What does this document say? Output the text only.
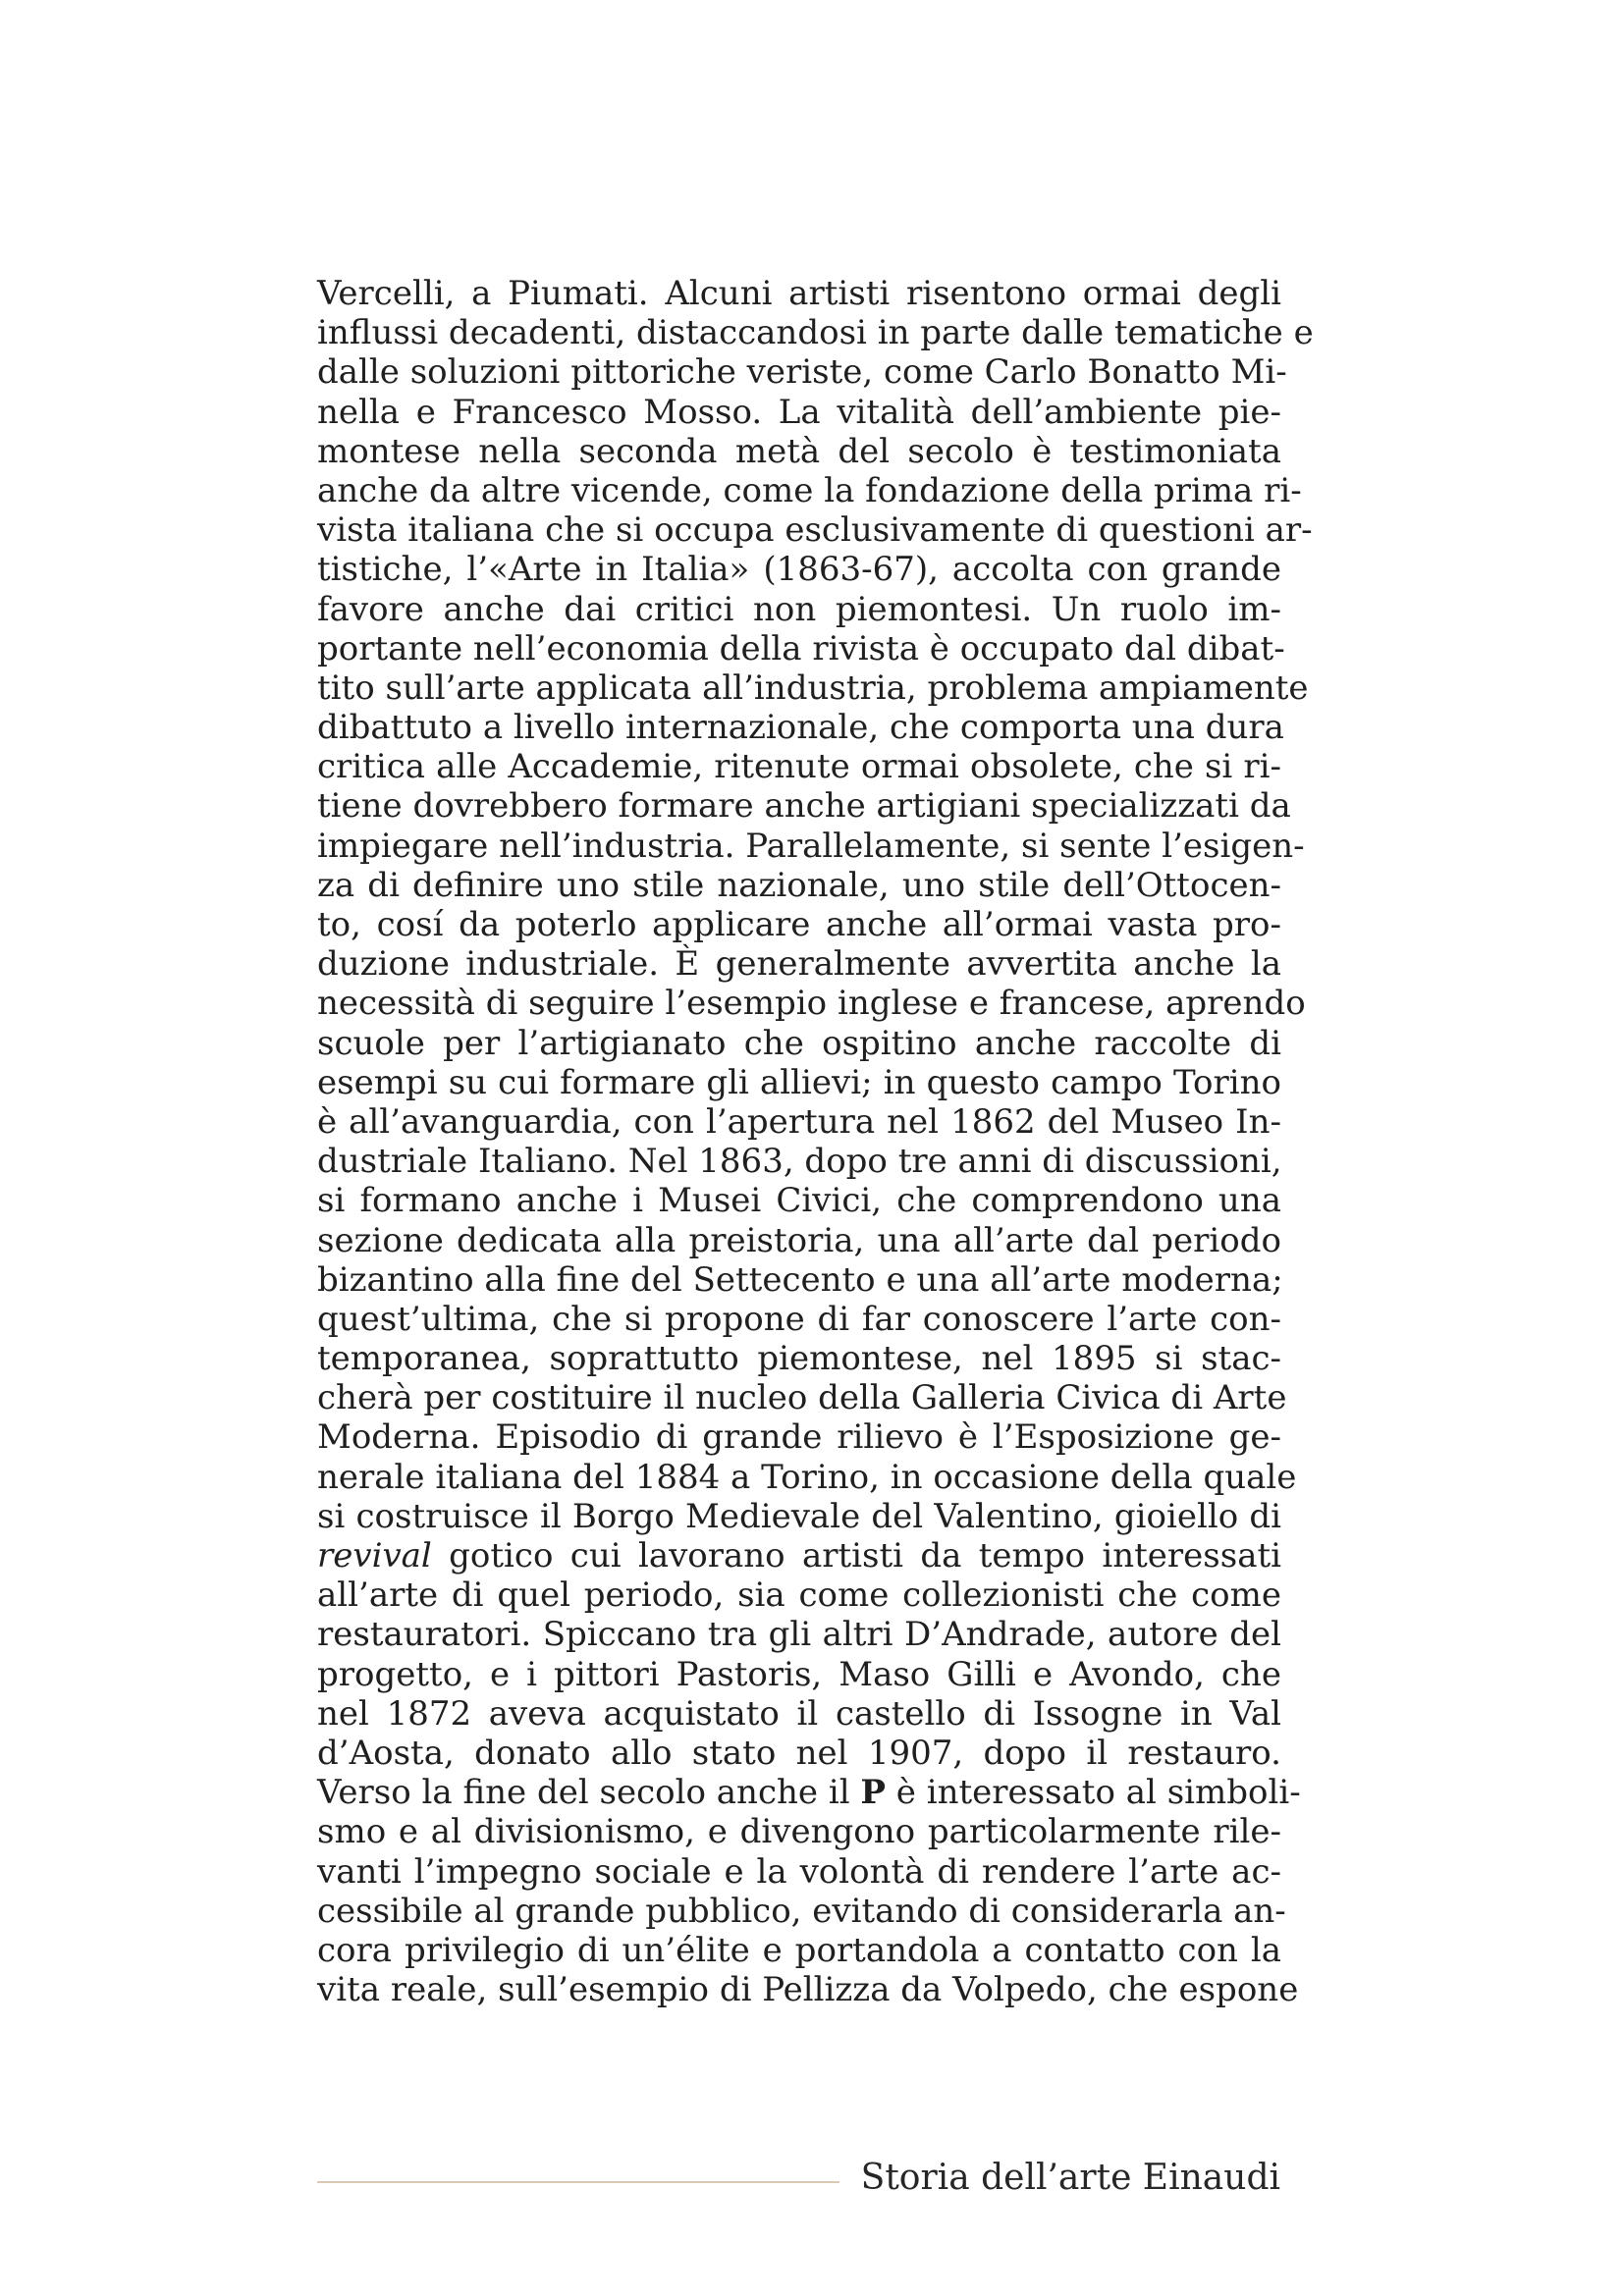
Vercelli, a Piumati. Alcuni artisti risentono ormai degli
influssi decadenti, distaccandosi in parte dalle tematiche e
dalle soluzioni pittoriche veriste, come Carlo Bonatto Mi-
nella e Francesco Mosso. La vitalità dell’ambiente pie-
montese nella seconda metà del secolo è testimoniata
anche da altre vicende, come la fondazione della prima ri-
vista italiana che si occupa esclusivamente di questioni ar-
tistiche, l’«Arte in Italia» (1863-67), accolta con grande
favore anche dai critici non piemontesi. Un ruolo im-
portante nell’economia della rivista è occupato dal dibat-
tito sull’arte applicata all’industria, problema ampiamente
dibattuto a livello internazionale, che comporta una dura
critica alle Accademie, ritenute ormai obsolete, che si ri-
tiene dovrebbero formare anche artigiani specializzati da
impiegare nell’industria. Parallelamente, si sente l’esigen-
za di definire uno stile nazionale, uno stile dell’Ottocen-
to, cosí da poterlo applicare anche all’ormai vasta pro-
duzione industriale. È generalmente avvertita anche la
necessità di seguire l’esempio inglese e francese, aprendo
scuole per l’artigianato che ospitino anche raccolte di
esempi su cui formare gli allievi; in questo campo Torino
è all’avanguardia, con l’apertura nel 1862 del Museo In-
dustriale Italiano. Nel 1863, dopo tre anni di discussioni,
si formano anche i Musei Civici, che comprendono una
sezione dedicata alla preistoria, una all’arte dal periodo
bizantino alla fine del Settecento e una all’arte moderna;
quest’ultima, che si propone di far conoscere l’arte con-
temporanea, soprattutto piemontese, nel 1895 si stac-
cherà per costituire il nucleo della Galleria Civica di Arte
Moderna. Episodio di grande rilievo è l’Esposizione ge-
nerale italiana del 1884 a Torino, in occasione della quale
si costruisce il Borgo Medievale del Valentino, gioiello di
revival gotico cui lavorano artisti da tempo interessati
all’arte di quel periodo, sia come collezionisti che come
restauratori. Spiccano tra gli altri D’Andrade, autore del
progetto, e i pittori Pastoris, Maso Gilli e Avondo, che
nel 1872 aveva acquistato il castello di Issogne in Val
d’Aosta, donato allo stato nel 1907, dopo il restauro.
Verso la fine del secolo anche il P è interessato al simboli-
smo e al divisionismo, e divengono particolarmente rile-
vanti l’impegno sociale e la volontà di rendere l’arte ac-
cessibile al grande pubblico, evitando di considerarla an-
cora privilegio di un’élite e portandola a contatto con la
vita reale, sull’esempio di Pellizza da Volpedo, che espone
Storia dell’arte Einaudi
